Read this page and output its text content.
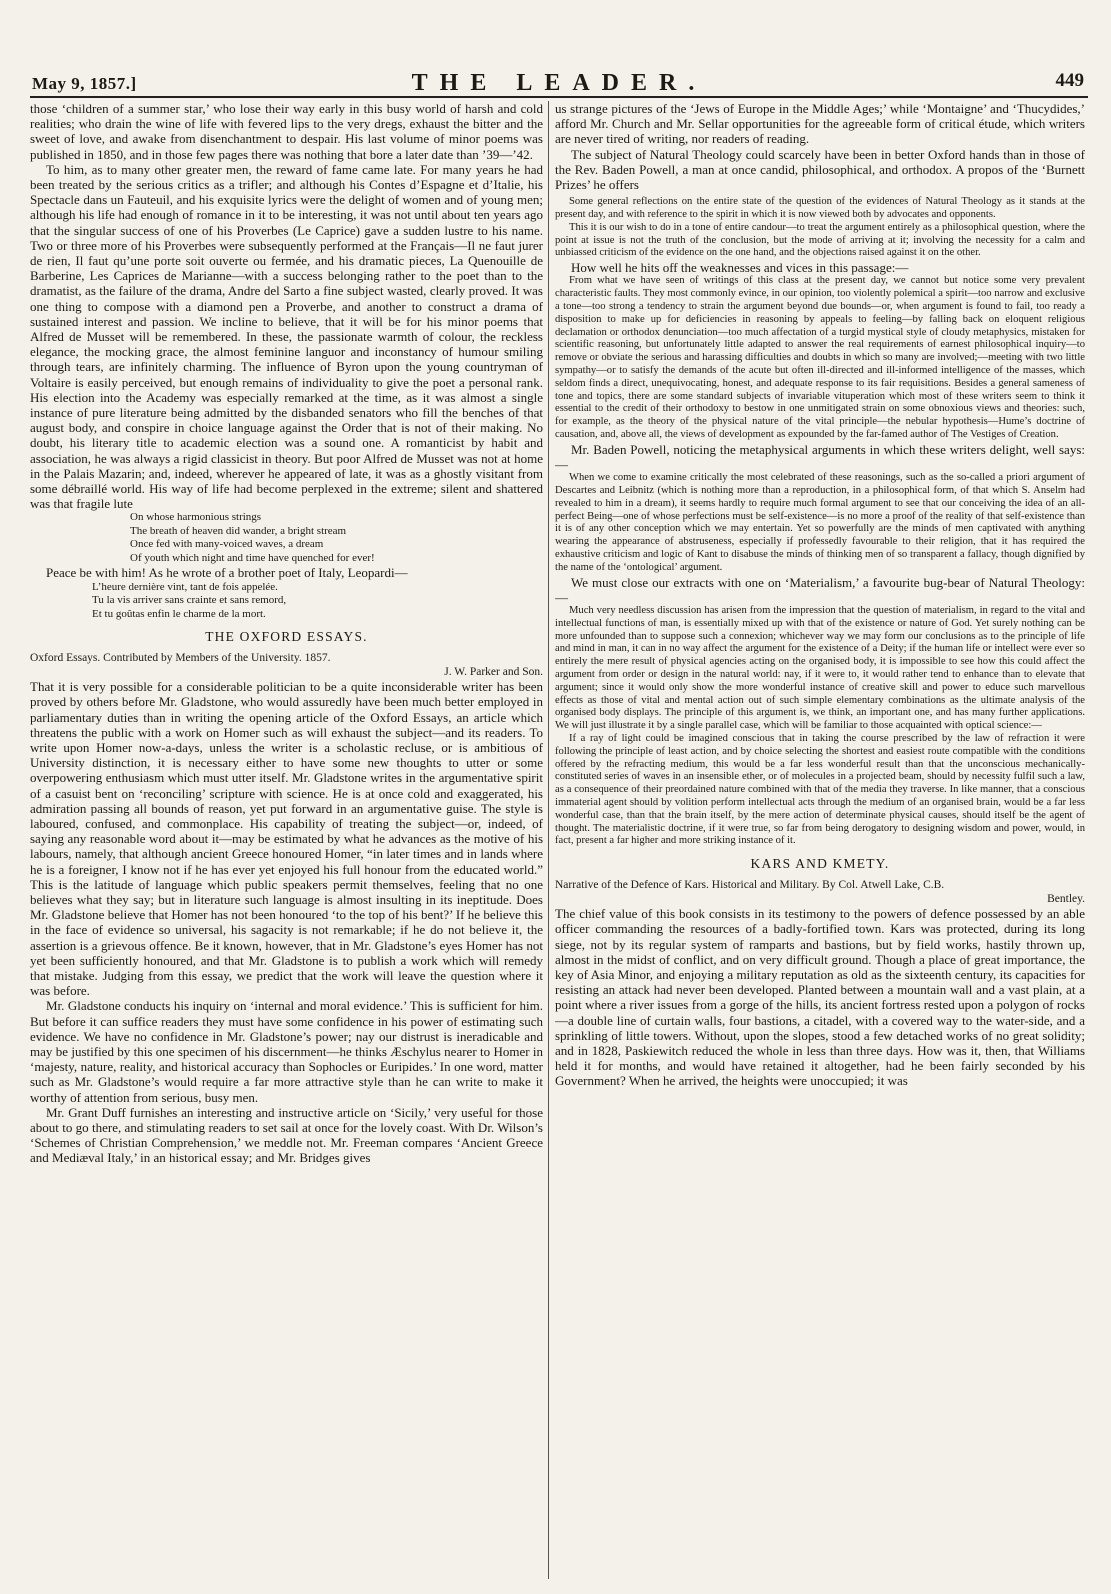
May 9, 1857.]	THE LEADER.	449

those ‘children of a summer star,’ who lose their way early in this busy world of harsh and cold realities; who drain the wine of life with fevered lips to the very dregs, exhaust the bitter and the sweet of love, and awake from disenchantment to despair. His last volume of minor poems was published in 1850, and in those few pages there was nothing that bore a later date than ’39—’42.

To him, as to many other greater men, the reward of fame came late. For many years he had been treated by the serious critics as a trifler; and although his Contes d’Espagne et d’Italie, his Spectacle dans un Fauteuil, and his exquisite lyrics were the delight of women and of young men; although his life had enough of romance in it to be interesting, it was not until about ten years ago that the singular success of one of his Proverbes (Le Caprice) gave a sudden lustre to his name. Two or three more of his Proverbes were subsequently performed at the Français—Il ne faut jurer de rien, Il faut qu’une porte soit ouverte ou fermée, and his dramatic pieces, La Quenouille de Barberine, Les Caprices de Marianne—with a success belonging rather to the poet than to the dramatist, as the failure of the drama, Andre del Sarto a fine subject wasted, clearly proved. It was one thing to compose with a diamond pen a Proverbe, and another to construct a drama of sustained interest and passion. We incline to believe, that it will be for his minor poems that Alfred de Musset will be remembered. In these, the passionate warmth of colour, the reckless elegance, the mocking grace, the almost feminine languor and inconstancy of humour smiling through tears, are infinitely charming. The influence of Byron upon the young countryman of Voltaire is easily perceived, but enough remains of individuality to give the poet a personal rank. His election into the Academy was especially remarked at the time, as it was almost a single instance of pure literature being admitted by the disbanded senators who fill the benches of that august body, and conspire in choice language against the Order that is not of their making. No doubt, his literary title to academic election was a sound one. A romanticist by habit and association, he was always a rigid classicist in theory. But poor Alfred de Musset was not at home in the Palais Mazarin; and, indeed, wherever he appeared of late, it was as a ghostly visitant from some débraillé world. His way of life had become perplexed in the extreme; silent and shattered was that fragile lute

On whose harmonious strings

The breath of heaven did wander, a bright stream

Once fed with many-voiced waves, a dream

Of youth which night and time have quenched for ever!

Peace be with him! As he wrote of a brother poet of Italy, Leopardi—

L’heure dernière vint, tant de fois appelée.

Tu la vis arriver sans crainte et sans remord,

Et tu goûtas enfin le charme de la mort.

THE OXFORD ESSAYS.

Oxford Essays. Contributed by Members of the University. 1857.

J. W. Parker and Son.

That it is very possible for a considerable politician to be a quite inconsiderable writer has been proved by others before Mr. Gladstone, who would assuredly have been much better employed in parliamentary duties than in writing the opening article of the Oxford Essays, an article which threatens the public with a work on Homer such as will exhaust the subject—and its readers. To write upon Homer now-a-days, unless the writer is a scholastic recluse, or is ambitious of University distinction, it is necessary either to have some new thoughts to utter or some overpowering enthusiasm which must utter itself. Mr. Gladstone writes in the argumentative spirit of a casuist bent on ‘reconciling’ scripture with science. He is at once cold and exaggerated, his admiration passing all bounds of reason, yet put forward in an argumentative guise. The style is laboured, confused, and commonplace. His capability of treating the subject—or, indeed, of saying any reasonable word about it—may be estimated by what he advances as the motive of his labours, namely, that although ancient Greece honoured Homer, “in later times and in lands where he is a foreigner, I know not if he has ever yet enjoyed his full honour from the educated world.” This is the latitude of language which public speakers permit themselves, feeling that no one believes what they say; but in literature such language is almost insulting in its ineptitude. Does Mr. Gladstone believe that Homer has not been honoured ‘to the top of his bent?’ If he believe this in the face of evidence so universal, his sagacity is not remarkable; if he do not believe it, the assertion is a grievous offence. Be it known, however, that in Mr. Gladstone’s eyes Homer has not yet been sufficiently honoured, and that Mr. Gladstone is to publish a work which will remedy that mistake. Judging from this essay, we predict that the work will leave the question where it was before.

Mr. Gladstone conducts his inquiry on ‘internal and moral evidence.’ This is sufficient for him. But before it can suffice readers they must have some confidence in his power of estimating such evidence. We have no confidence in Mr. Gladstone’s power; nay our distrust is ineradicable and may be justified by this one specimen of his discernment—he thinks Æschylus nearer to Homer in ‘majesty, nature, reality, and historical accuracy than Sophocles or Euripides.’ In one word, matter such as Mr. Gladstone’s would require a far more attractive style than he can write to make it worthy of attention from serious, busy men.

Mr. Grant Duff furnishes an interesting and instructive article on ‘Sicily,’ very useful for those about to go there, and stimulating readers to set sail at once for the lovely coast. With Dr. Wilson’s ‘Schemes of Christian Comprehension,’ we meddle not. Mr. Freeman compares ‘Ancient Greece and Mediæval Italy,’ in an historical essay; and Mr. Bridges gives

us strange pictures of the ‘Jews of Europe in the Middle Ages;’ while ‘Montaigne’ and ‘Thucydides,’ afford Mr. Church and Mr. Sellar opportunities for the agreeable form of critical étude, which writers are never tired of writing, nor readers of reading.

The subject of Natural Theology could scarcely have been in better Oxford hands than in those of the Rev. Baden Powell, a man at once candid, philosophical, and orthodox. A propos of the ‘Burnett Prizes’ he offers

Some general reflections on the entire state of the question of the evidences of Natural Theology as it stands at the present day, and with reference to the spirit in which it is now viewed both by advocates and opponents.

This it is our wish to do in a tone of entire candour—to treat the argument entirely as a philosophical question, where the point at issue is not the truth of the conclusion, but the mode of arriving at it; involving the necessity for a calm and unbiassed criticism of the evidence on the one hand, and the objections raised against it on the other.

How well he hits off the weaknesses and vices in this passage:—

From what we have seen of writings of this class at the present day, we cannot but notice some very prevalent characteristic faults. They most commonly evince, in our opinion, too violently polemical a spirit—too narrow and exclusive a tone—too strong a tendency to strain the argument beyond due bounds—or, when argument is found to fail, too ready a disposition to make up for deficiencies in reasoning by appeals to feeling—by falling back on eloquent religious declamation or orthodox denunciation—too much affectation of a turgid mystical style of cloudy metaphysics, mistaken for scientific reasoning, but unfortunately little adapted to answer the real requirements of earnest philosophical inquiry—to remove or obviate the serious and harassing difficulties and doubts in which so many are involved;—meeting with two little sympathy—or to satisfy the demands of the acute but often ill-directed and ill-informed intelligence of the masses, which seldom finds a direct, unequivocating, honest, and adequate response to its fair requisitions. Besides a general sameness of tone and topics, there are some standard subjects of invariable vituperation which most of these writers seem to think it essential to the credit of their orthodoxy to bestow in one unmitigated strain on some obnoxious views and theories: such, for example, as the theory of the physical nature of the vital principle—the nebular hypothesis—Hume’s doctrine of causation, and, above all, the views of development as expounded by the far-famed author of The Vestiges of Creation.

Mr. Baden Powell, noticing the metaphysical arguments in which these writers delight, well says:—

When we come to examine critically the most celebrated of these reasonings, such as the so-called a priori argument of Descartes and Leibnitz (which is nothing more than a reproduction, in a philosophical form, of that which S. Anselm had revealed to him in a dream), it seems hardly to require much formal argument to see that our conceiving the idea of an all-perfect Being—one of whose perfections must be self-existence—is no more a proof of the reality of that self-existence than it is of any other conception which we may entertain. Yet so powerfully are the minds of men captivated with anything wearing the appearance of abstruseness, especially if professedly favourable to their religion, that it has required the exhaustive criticism and logic of Kant to disabuse the minds of thinking men of so transparent a fallacy, though dignified by the name of the ‘ontological’ argument.

We must close our extracts with one on ‘Materialism,’ a favourite bug-bear of Natural Theology:—

Much very needless discussion has arisen from the impression that the question of materialism, in regard to the vital and intellectual functions of man, is essentially mixed up with that of the existence or nature of God. Yet surely nothing can be more unfounded than to suppose such a connexion; whichever way we may form our conclusions as to the principle of life and mind in man, it can in no way affect the argument for the existence of a Deity; if the human life or intellect were ever so entirely the mere result of physical agencies acting on the organised body, it is impossible to see how this could affect the argument from order or design in the natural world: nay, if it were to, it would rather tend to enhance than to elevate that argument; since it would only show the more wonderful instance of creative skill and power to educe such marvellous effects as those of vital and mental action out of such simple elementary combinations as the ultimate analysis of the organised body displays. The principle of this argument is, we think, an important one, and has many further applications. We will just illustrate it by a single parallel case, which will be familiar to those acquainted with optical science:—

If a ray of light could be imagined conscious that in taking the course prescribed by the law of refraction it were following the principle of least action, and by choice selecting the shortest and easiest route compatible with the conditions offered by the refracting medium, this would be a far less wonderful result than that the unconscious mechanically-constituted series of waves in an insensible ether, or of molecules in a projected beam, should by necessity fulfil such a law, as a consequence of their preordained nature combined with that of the media they traverse. In like manner, that a conscious immaterial agent should by volition perform intellectual acts through the medium of an organised brain, would be a far less wonderful case, than that the brain itself, by the mere action of determinate physical causes, should itself be the agent of thought. The materialistic doctrine, if it were true, so far from being derogatory to designing wisdom and power, would, in fact, present a far higher and more striking instance of it.

KARS AND KMETY.

Narrative of the Defence of Kars. Historical and Military. By Col. Atwell Lake, C.B.

Bentley.

The chief value of this book consists in its testimony to the powers of defence possessed by an able officer commanding the resources of a badly-fortified town. Kars was protected, during its long siege, not by its regular system of ramparts and bastions, but by field works, hastily thrown up, almost in the midst of conflict, and on very difficult ground. Though a place of great importance, the key of Asia Minor, and enjoying a military reputation as old as the sixteenth century, its capacities for resisting an attack had never been developed. Planted between a mountain wall and a vast plain, at a point where a river issues from a gorge of the hills, its ancient fortress rested upon a polygon of rocks—a double line of curtain walls, four bastions, a citadel, with a covered way to the water-side, and a sprinkling of little towers. Without, upon the slopes, stood a few detached works of no great solidity; and in 1828, Paskiewitch reduced the whole in less than three days. How was it, then, that Williams held it for months, and would have retained it altogether, had he been fairly seconded by his Government? When he arrived, the heights were unoccupied; it was
